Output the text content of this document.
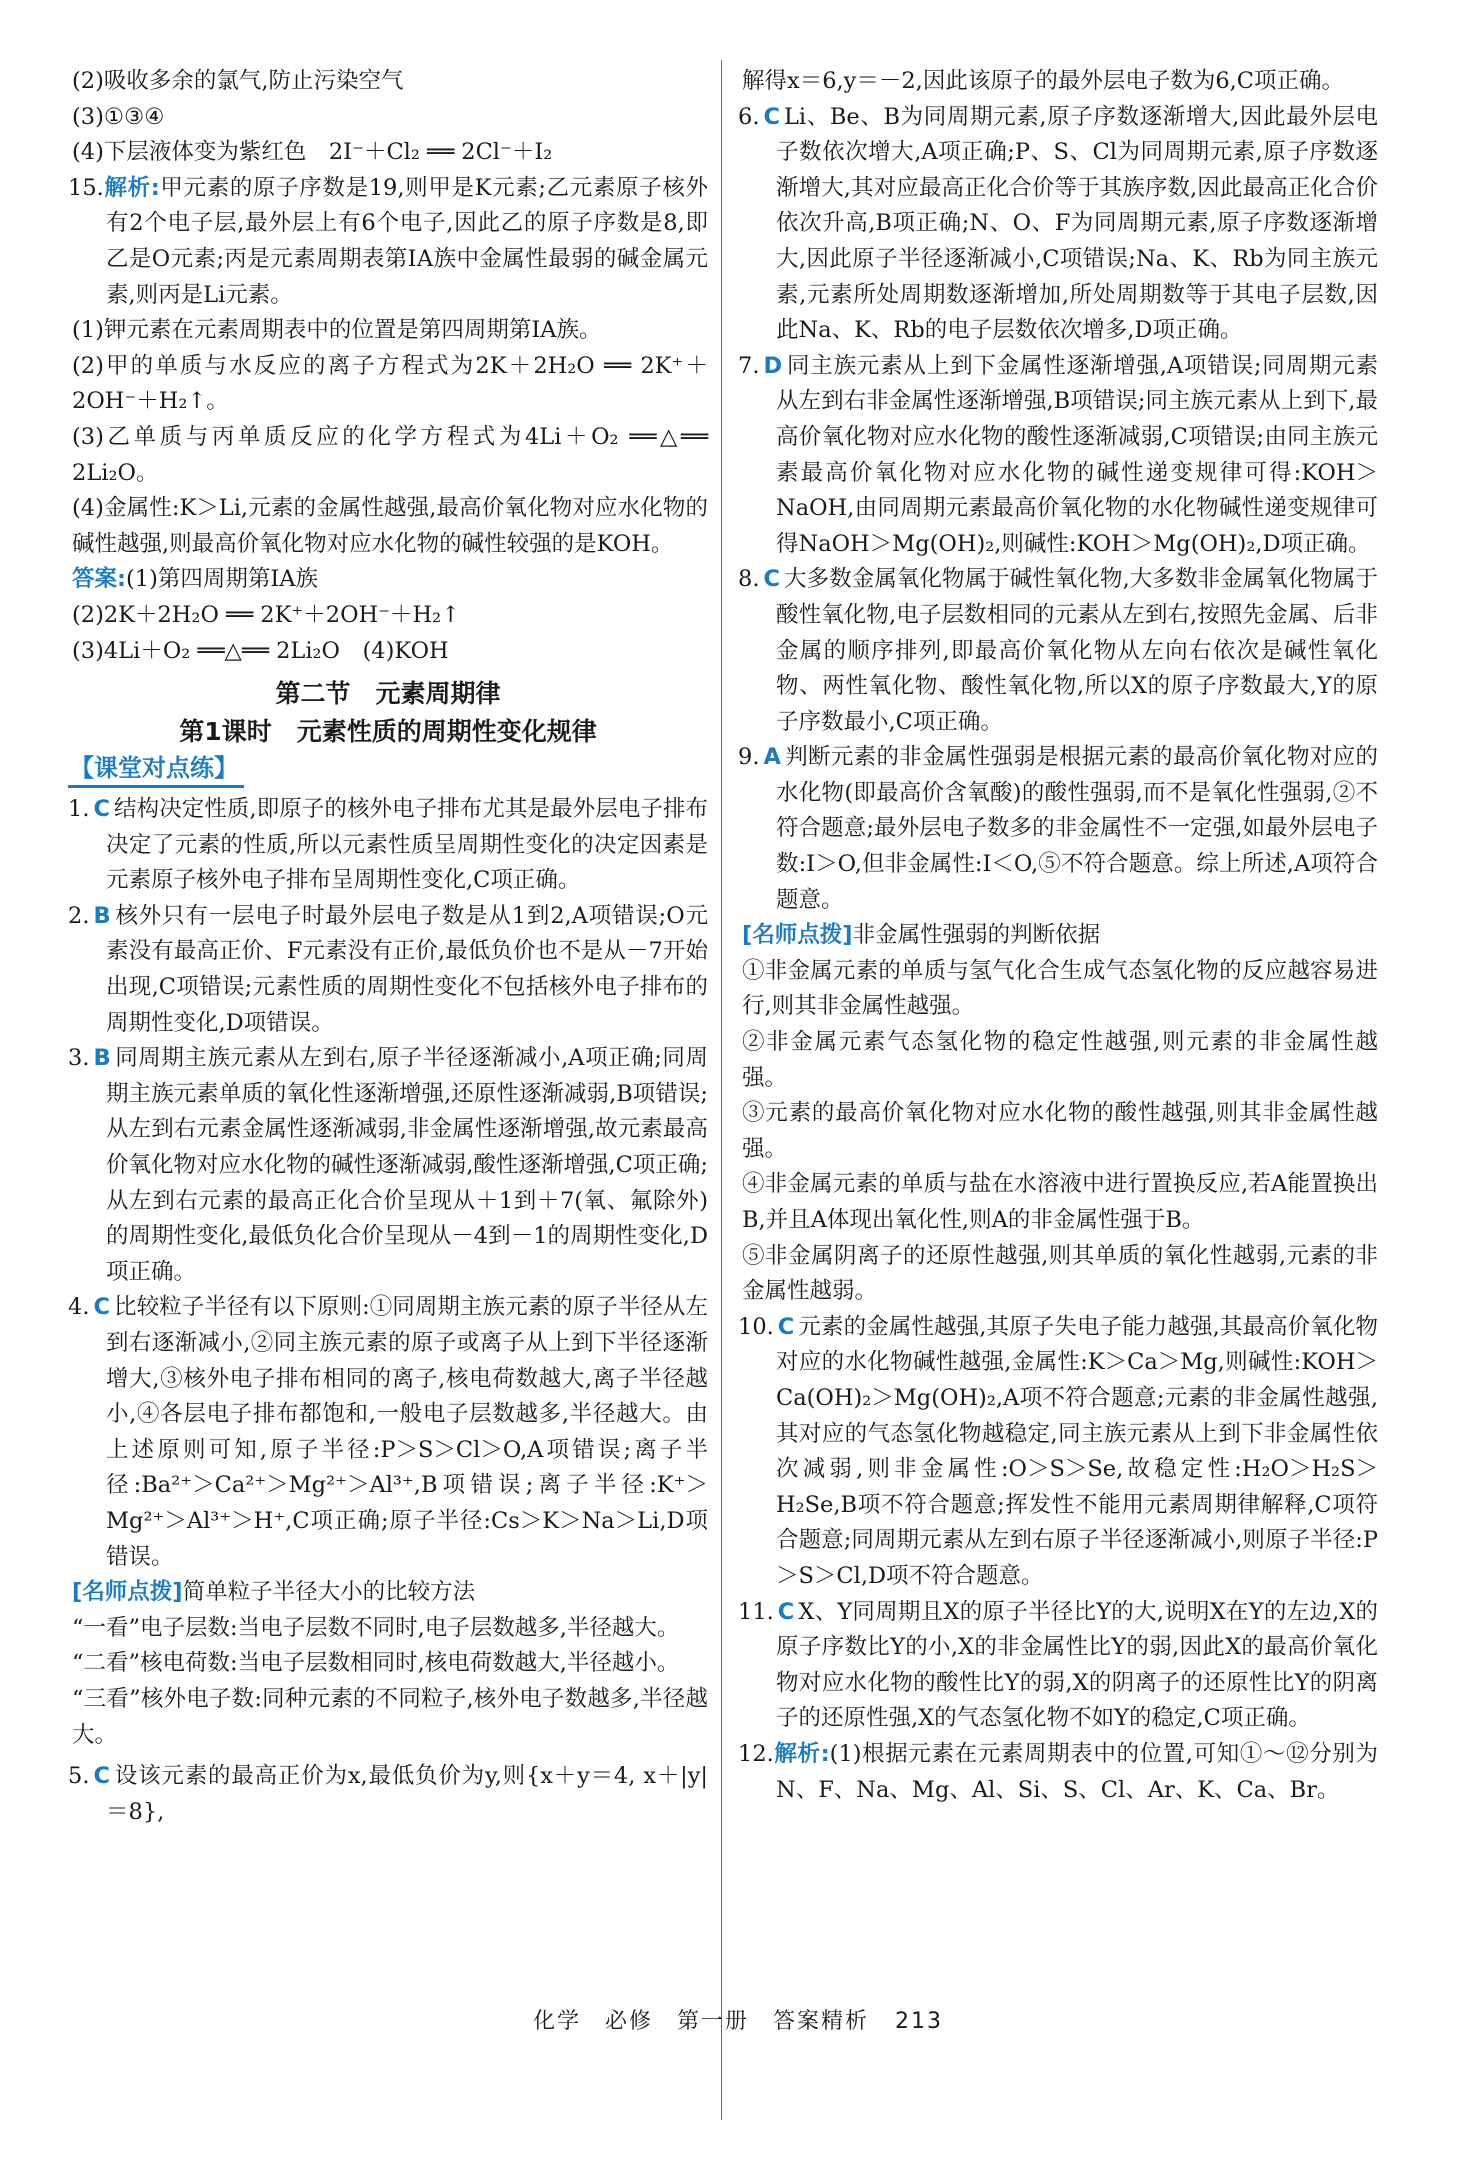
(2)吸收多余的氯气,防止污染空气

(3)①③④

(4)下层液体变为紫红色　2I⁻＋Cl₂ ══ 2Cl⁻＋I₂

15.解析:甲元素的原子序数是19,则甲是K元素;乙元素原子核外有2个电子层,最外层上有6个电子,因此乙的原子序数是8,即乙是O元素;丙是元素周期表第ⅠA族中金属性最弱的碱金属元素,则丙是Li元素。

(1)钾元素在元素周期表中的位置是第四周期第ⅠA族。

(2)甲的单质与水反应的离子方程式为2K＋2H₂O ══ 2K⁺＋2OH⁻＋H₂↑。

(3)乙单质与丙单质反应的化学方程式为4Li＋O₂ ══△══ 2Li₂O。

(4)金属性:K＞Li,元素的金属性越强,最高价氧化物对应水化物的碱性越强,则最高价氧化物对应水化物的碱性较强的是KOH。

答案:(1)第四周期第ⅠA族

(2)2K＋2H₂O ══ 2K⁺＋2OH⁻＋H₂↑

(3)4Li＋O₂ ══△══ 2Li₂O　(4)KOH

第二节　元素周期律
第1课时　元素性质的周期性变化规律
【课堂对点练】

1. C 结构决定性质,即原子的核外电子排布尤其是最外层电子排布决定了元素的性质,所以元素性质呈周期性变化的决定因素是元素原子核外电子排布呈周期性变化,C项正确。

2. B 核外只有一层电子时最外层电子数是从1到2,A项错误;O元素没有最高正价、F元素没有正价,最低负价也不是从－7开始出现,C项错误;元素性质的周期性变化不包括核外电子排布的周期性变化,D项错误。

3. B 同周期主族元素从左到右,原子半径逐渐减小,A项正确;同周期主族元素单质的氧化性逐渐增强,还原性逐渐减弱,B项错误;从左到右元素金属性逐渐减弱,非金属性逐渐增强,故元素最高价氧化物对应水化物的碱性逐渐减弱,酸性逐渐增强,C项正确;从左到右元素的最高正化合价呈现从＋1到＋7(氧、氟除外)的周期性变化,最低负化合价呈现从－4到－1的周期性变化,D项正确。

4. C 比较粒子半径有以下原则:①同周期主族元素的原子半径从左到右逐渐减小,②同主族元素的原子或离子从上到下半径逐渐增大,③核外电子排布相同的离子,核电荷数越大,离子半径越小,④各层电子排布都饱和,一般电子层数越多,半径越大。由上述原则可知,原子半径:P＞S＞Cl＞O,A项错误;离子半径:Ba²⁺＞Ca²⁺＞Mg²⁺＞Al³⁺,B项错误;离子半径:K⁺＞Mg²⁺＞Al³⁺＞H⁺,C项正确;原子半径:Cs＞K＞Na＞Li,D项错误。

[名师点拨]简单粒子半径大小的比较方法

“一看”电子层数:当电子层数不同时,电子层数越多,半径越大。

“二看”核电荷数:当电子层数相同时,核电荷数越大,半径越小。

“三看”核外电子数:同种元素的不同粒子,核外电子数越多,半径越大。

5. C 设该元素的最高正价为x,最低负价为y,则{x＋y＝4, x＋|y|＝8},

解得x＝6,y＝－2,因此该原子的最外层电子数为6,C项正确。

6. C Li、Be、B为同周期元素,原子序数逐渐增大,因此最外层电子数依次增大,A项正确;P、S、Cl为同周期元素,原子序数逐渐增大,其对应最高正化合价等于其族序数,因此最高正化合价依次升高,B项正确;N、O、F为同周期元素,原子序数逐渐增大,因此原子半径逐渐减小,C项错误;Na、K、Rb为同主族元素,元素所处周期数逐渐增加,所处周期数等于其电子层数,因此Na、K、Rb的电子层数依次增多,D项正确。

7. D 同主族元素从上到下金属性逐渐增强,A项错误;同周期元素从左到右非金属性逐渐增强,B项错误;同主族元素从上到下,最高价氧化物对应水化物的酸性逐渐减弱,C项错误;由同主族元素最高价氧化物对应水化物的碱性递变规律可得:KOH＞NaOH,由同周期元素最高价氧化物的水化物碱性递变规律可得NaOH＞Mg(OH)₂,则碱性:KOH＞Mg(OH)₂,D项正确。

8. C 大多数金属氧化物属于碱性氧化物,大多数非金属氧化物属于酸性氧化物,电子层数相同的元素从左到右,按照先金属、后非金属的顺序排列,即最高价氧化物从左向右依次是碱性氧化物、两性氧化物、酸性氧化物,所以X的原子序数最大,Y的原子序数最小,C项正确。

9. A 判断元素的非金属性强弱是根据元素的最高价氧化物对应的水化物(即最高价含氧酸)的酸性强弱,而不是氧化性强弱,②不符合题意;最外层电子数多的非金属性不一定强,如最外层电子数:I＞O,但非金属性:I＜O,⑤不符合题意。综上所述,A项符合题意。

[名师点拨]非金属性强弱的判断依据

①非金属元素的单质与氢气化合生成气态氢化物的反应越容易进行,则其非金属性越强。

②非金属元素气态氢化物的稳定性越强,则元素的非金属性越强。

③元素的最高价氧化物对应水化物的酸性越强,则其非金属性越强。

④非金属元素的单质与盐在水溶液中进行置换反应,若A能置换出B,并且A体现出氧化性,则A的非金属性强于B。

⑤非金属阴离子的还原性越强,则其单质的氧化性越弱,元素的非金属性越弱。

10. C 元素的金属性越强,其原子失电子能力越强,其最高价氧化物对应的水化物碱性越强,金属性:K＞Ca＞Mg,则碱性:KOH＞Ca(OH)₂＞Mg(OH)₂,A项不符合题意;元素的非金属性越强,其对应的气态氢化物越稳定,同主族元素从上到下非金属性依次减弱,则非金属性:O＞S＞Se,故稳定性:H₂O＞H₂S＞H₂Se,B项不符合题意;挥发性不能用元素周期律解释,C项符合题意;同周期元素从左到右原子半径逐渐减小,则原子半径:P＞S＞Cl,D项不符合题意。

11. C X、Y同周期且X的原子半径比Y的大,说明X在Y的左边,X的原子序数比Y的小,X的非金属性比Y的弱,因此X的最高价氧化物对应水化物的酸性比Y的弱,X的阴离子的还原性比Y的阴离子的还原性强,X的气态氢化物不如Y的稳定,C项正确。

12.解析:(1)根据元素在元素周期表中的位置,可知①～⑫分别为N、F、Na、Mg、Al、Si、S、Cl、Ar、K、Ca、Br。

化学　必修　第一册　答案精析 213
